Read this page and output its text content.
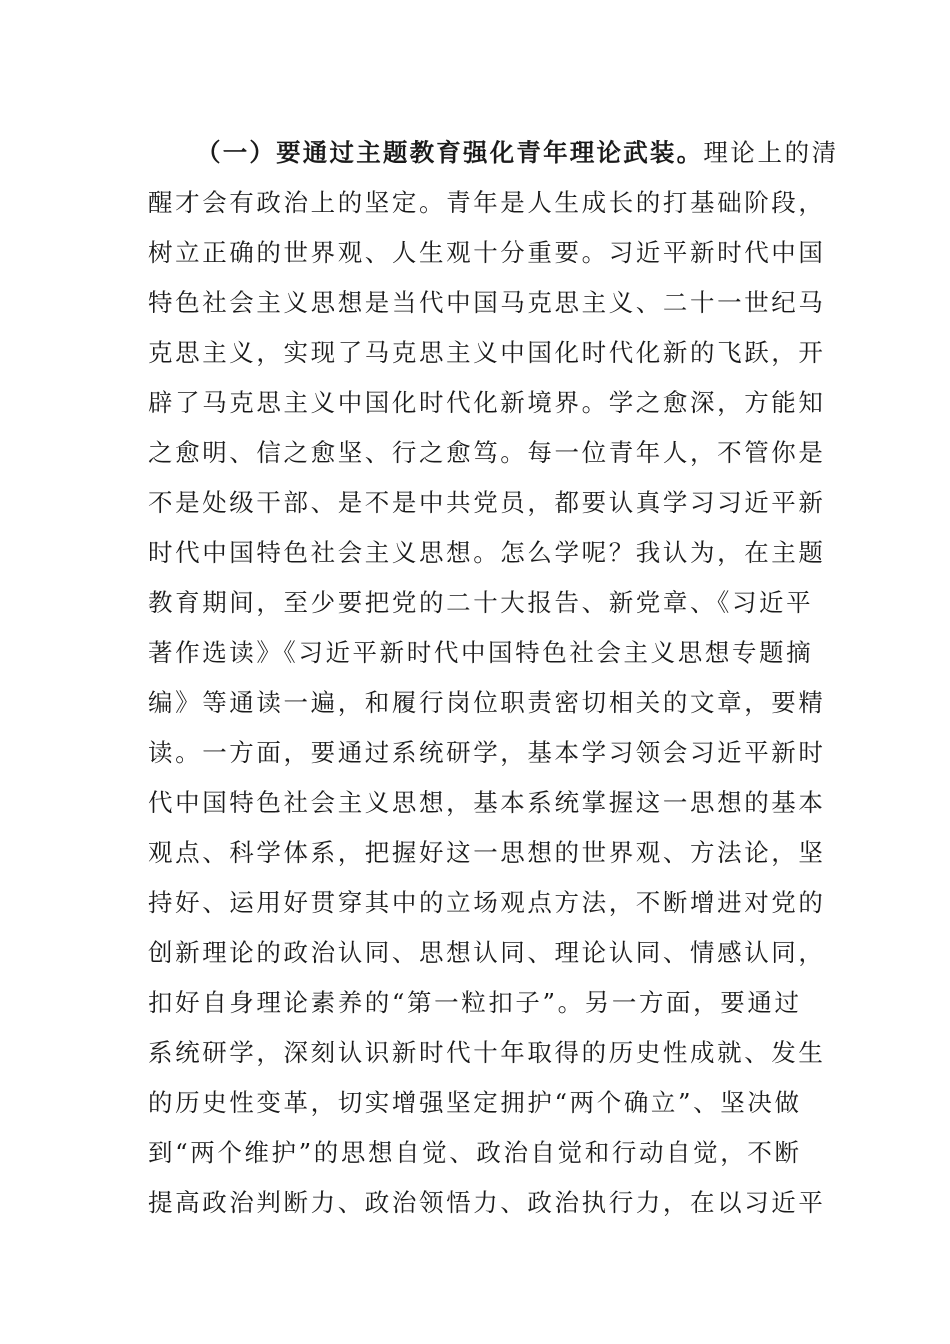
（一）要通过主题教育强化青年理论武装。理论上的清
醒才会有政治上的坚定。青年是人生成长的打基础阶段，
树立正确的世界观、人生观十分重要。习近平新时代中国
特色社会主义思想是当代中国马克思主义、二十一世纪马
克思主义，实现了马克思主义中国化时代化新的飞跃，开
辟了马克思主义中国化时代化新境界。学之愈深，方能知
之愈明、信之愈坚、行之愈笃。每一位青年人，不管你是
不是处级干部、是不是中共党员，都要认真学习习近平新
时代中国特色社会主义思想。怎么学呢？我认为，在主题
教育期间，至少要把党的二十大报告、新党章、《习近平
著作选读》《习近平新时代中国特色社会主义思想专题摘
编》等通读一遍，和履行岗位职责密切相关的文章，要精
读。一方面，要通过系统研学，基本学习领会习近平新时
代中国特色社会主义思想，基本系统掌握这一思想的基本
观点、科学体系，把握好这一思想的世界观、方法论，坚
持好、运用好贯穿其中的立场观点方法，不断增进对党的
创新理论的政治认同、思想认同、理论认同、情感认同，
扣好自身理论素养的“第一粒扣子”。另一方面，要通过
系统研学，深刻认识新时代十年取得的历史性成就、发生
的历史性变革，切实增强坚定拥护“两个确立”、坚决做
到“两个维护”的思想自觉、政治自觉和行动自觉，不断
提高政治判断力、政治领悟力、政治执行力，在以习近平
